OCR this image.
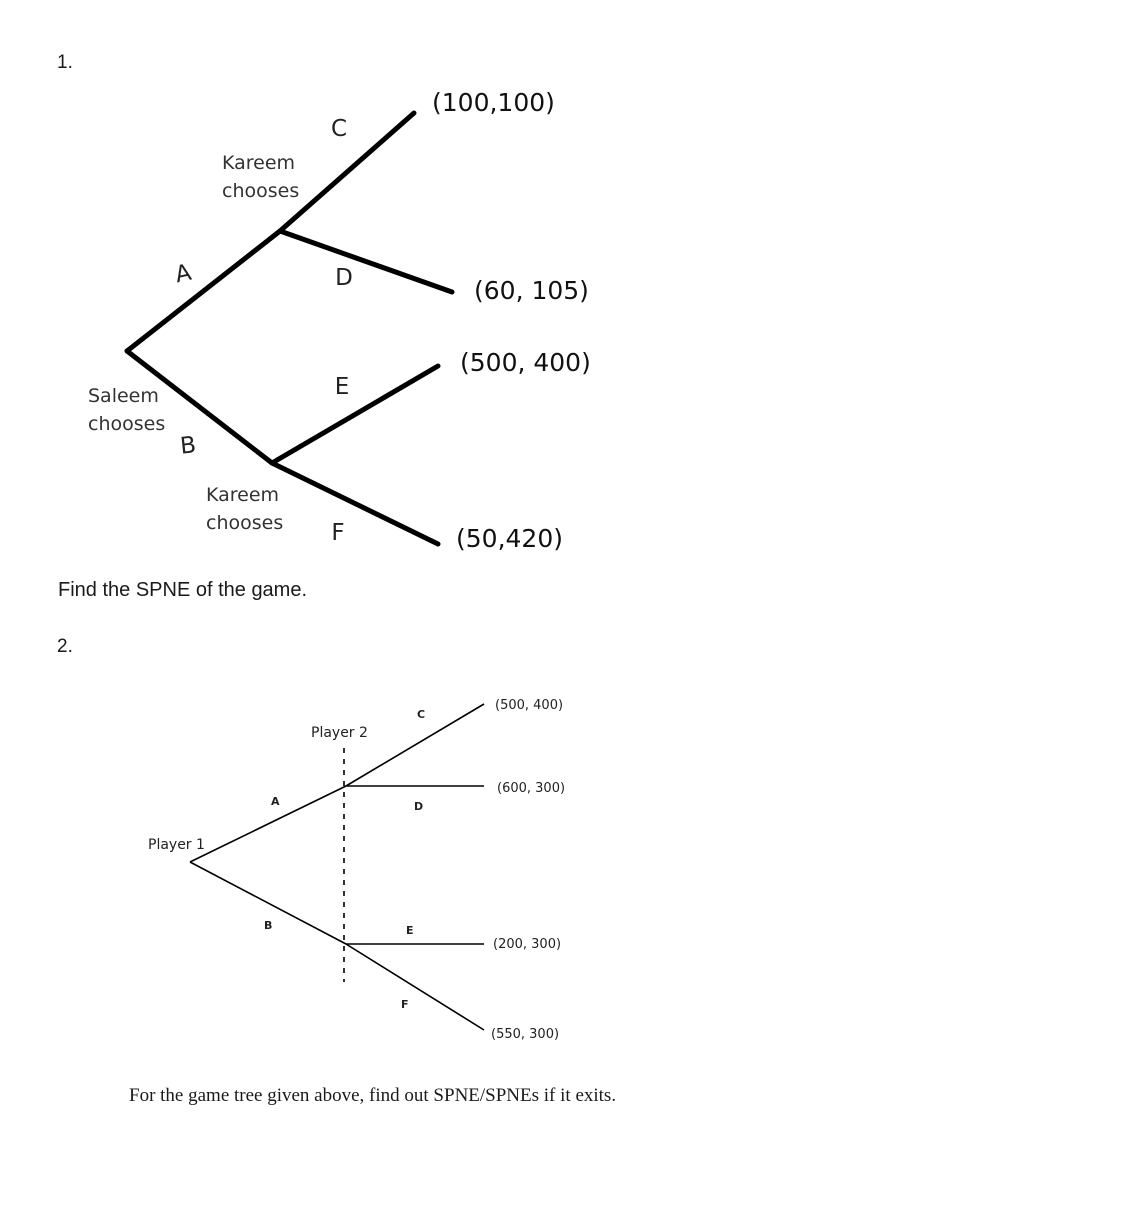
1.
Kareem
chooses
Saleem
chooses
Kareem
chooses
A
B
C
D
E
F
(100,100)
(60, 105)
(500, 400)
(50,420)
Player 1
Player 2
A
B
C
D
E
F
(500, 400)
(600, 300)
(200, 300)
(550, 300)
Find the SPNE of the game.
2.
For the game tree given above, find out SPNE/SPNEs if it exits.
